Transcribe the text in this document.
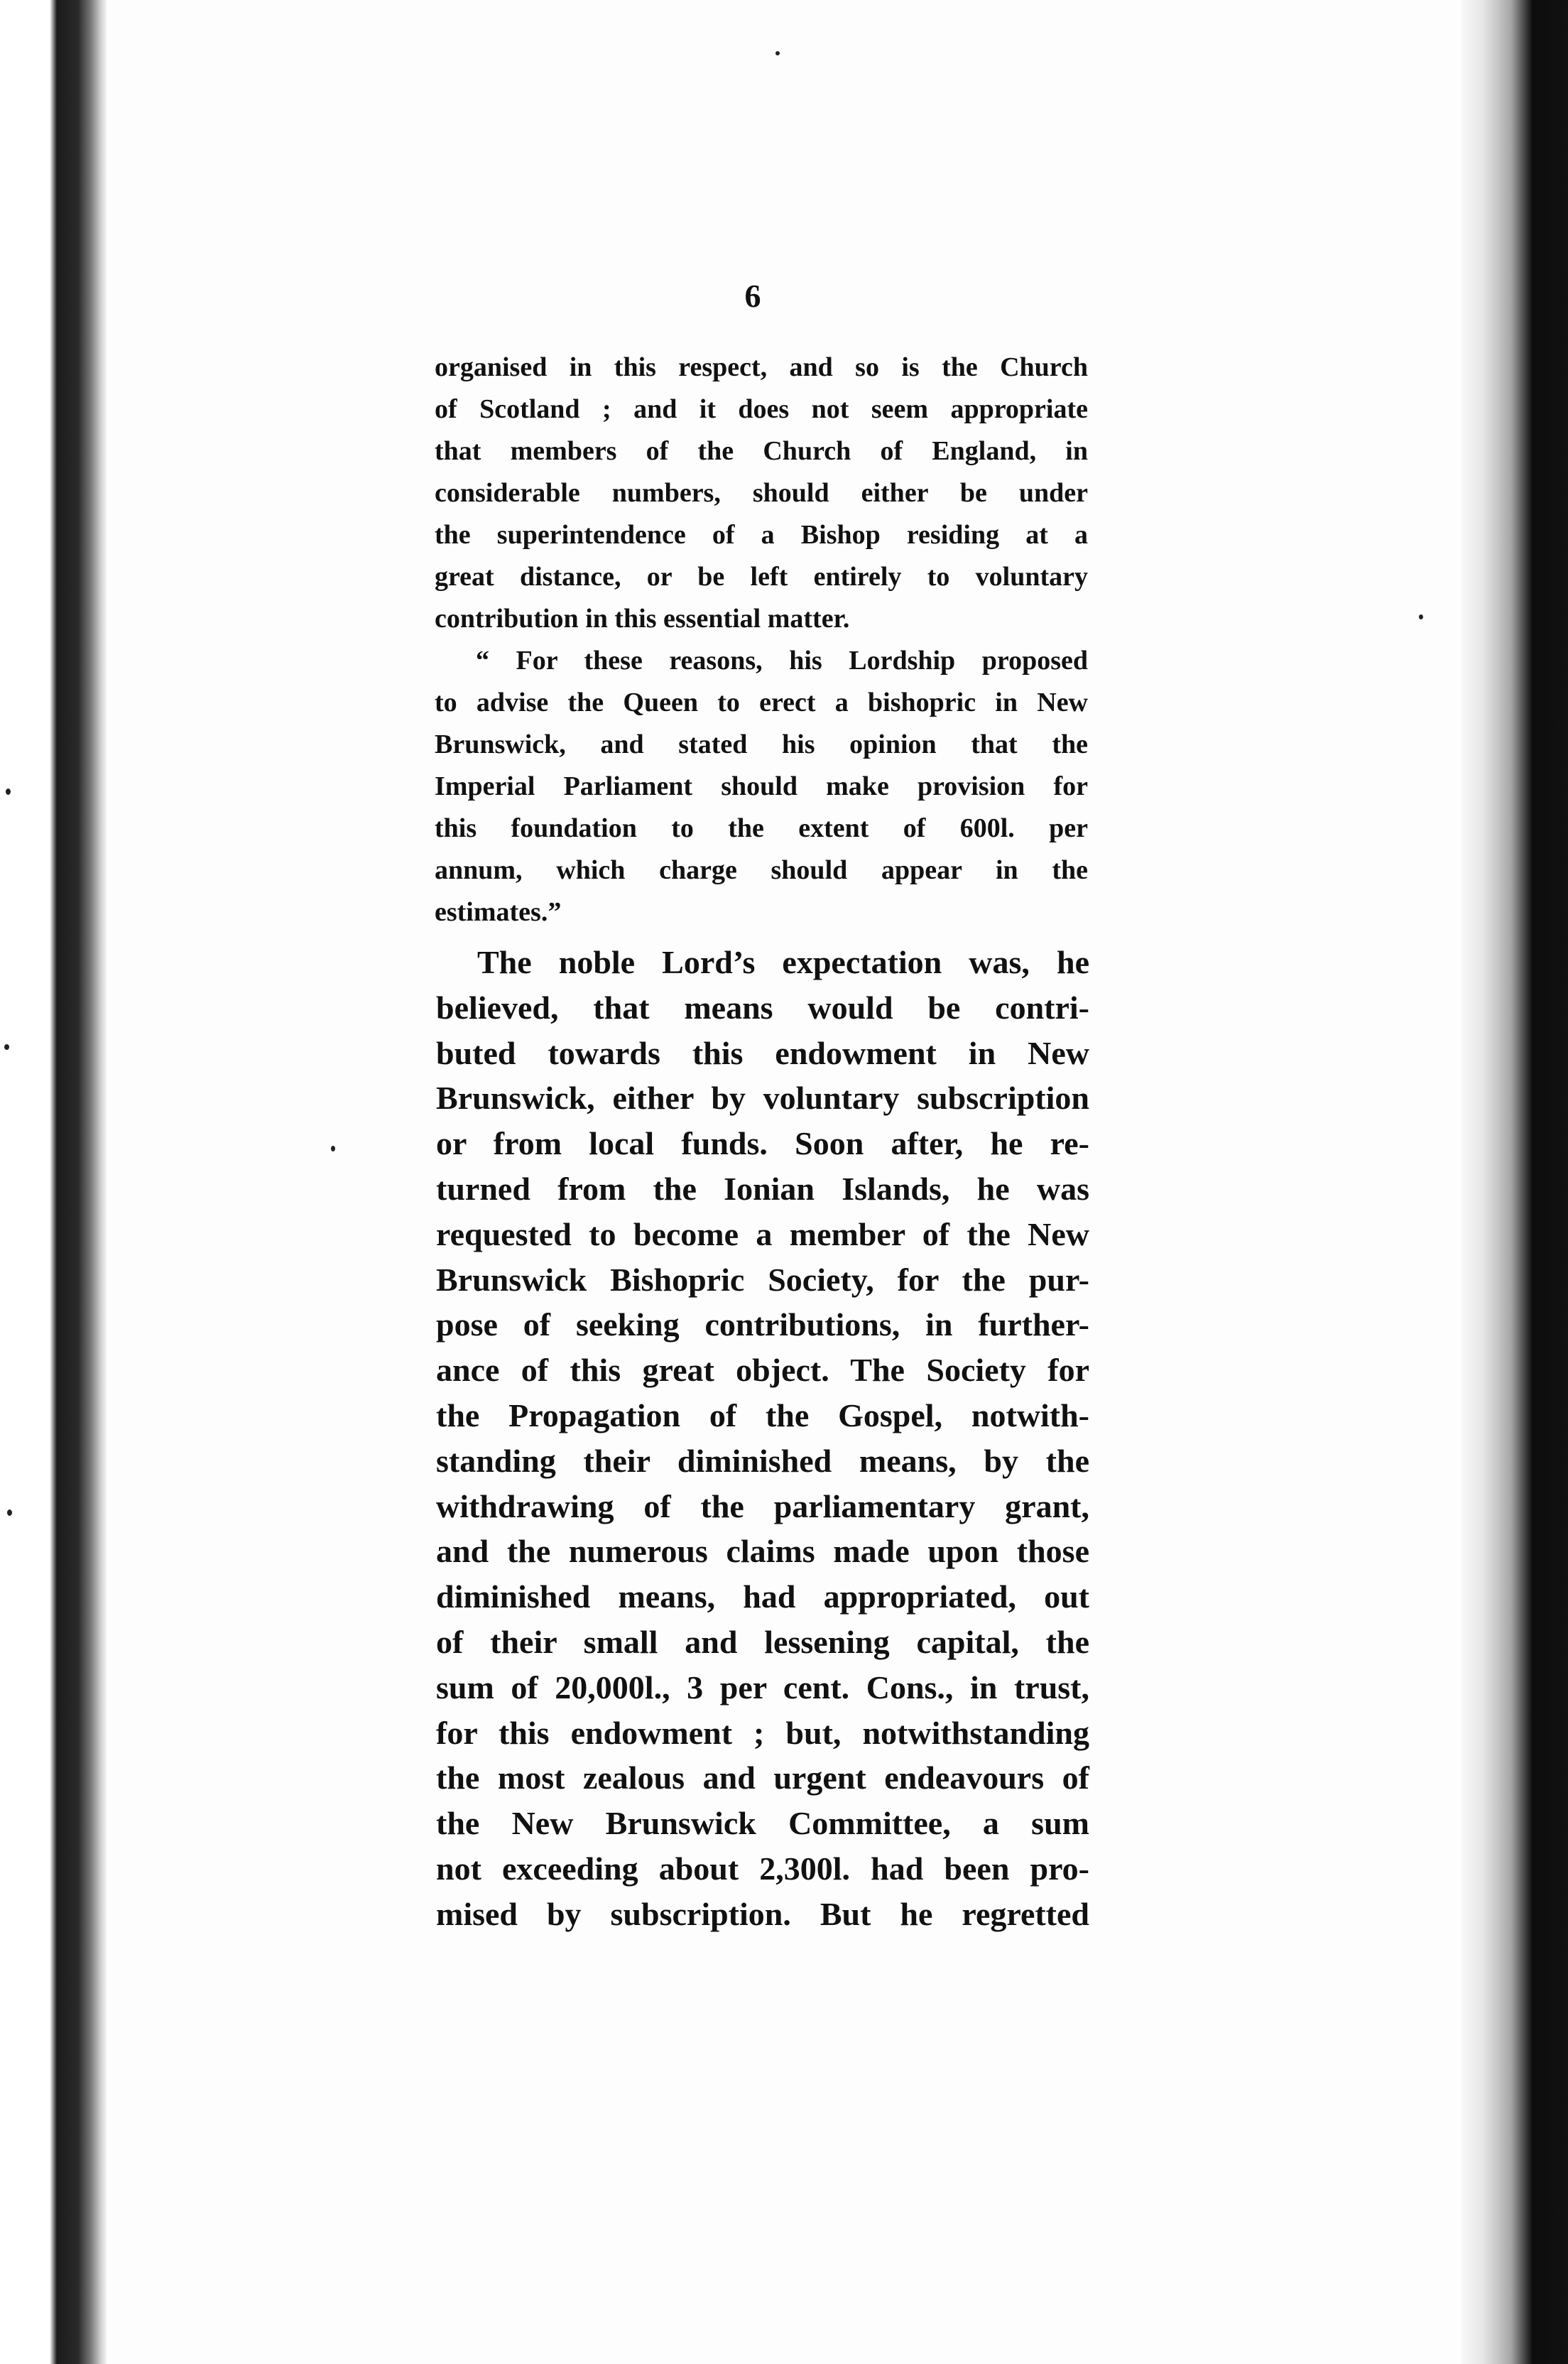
6
organised in this respect, and so is the Church
of Scotland ; and it does not seem appropriate
that members of the Church of England, in
considerable numbers, should either be under
the superintendence of a Bishop residing at a
great distance, or be left entirely to voluntary
contribution in this essential matter.
“ For these reasons, his Lordship proposed
to advise the Queen to erect a bishopric in New
Brunswick, and stated his opinion that the
Imperial Parliament should make provision for
this foundation to the extent of 600l. per
annum, which charge should appear in the
estimates.”
The noble Lord’s expectation was, he
believed, that means would be contri-
buted towards this endowment in New
Brunswick, either by voluntary subscription
or from local funds. Soon after, he re-
turned from the Ionian Islands, he was
requested to become a member of the New
Brunswick Bishopric Society, for the pur-
pose of seeking contributions, in further-
ance of this great object. The Society for
the Propagation of the Gospel, notwith-
standing their diminished means, by the
withdrawing of the parliamentary grant,
and the numerous claims made upon those
diminished means, had appropriated, out
of their small and lessening capital, the
sum of 20,000l., 3 per cent. Cons., in trust,
for this endowment ; but, notwithstanding
the most zealous and urgent endeavours of
the New Brunswick Committee, a sum
not exceeding about 2,300l. had been pro-
mised by subscription. But he regretted
